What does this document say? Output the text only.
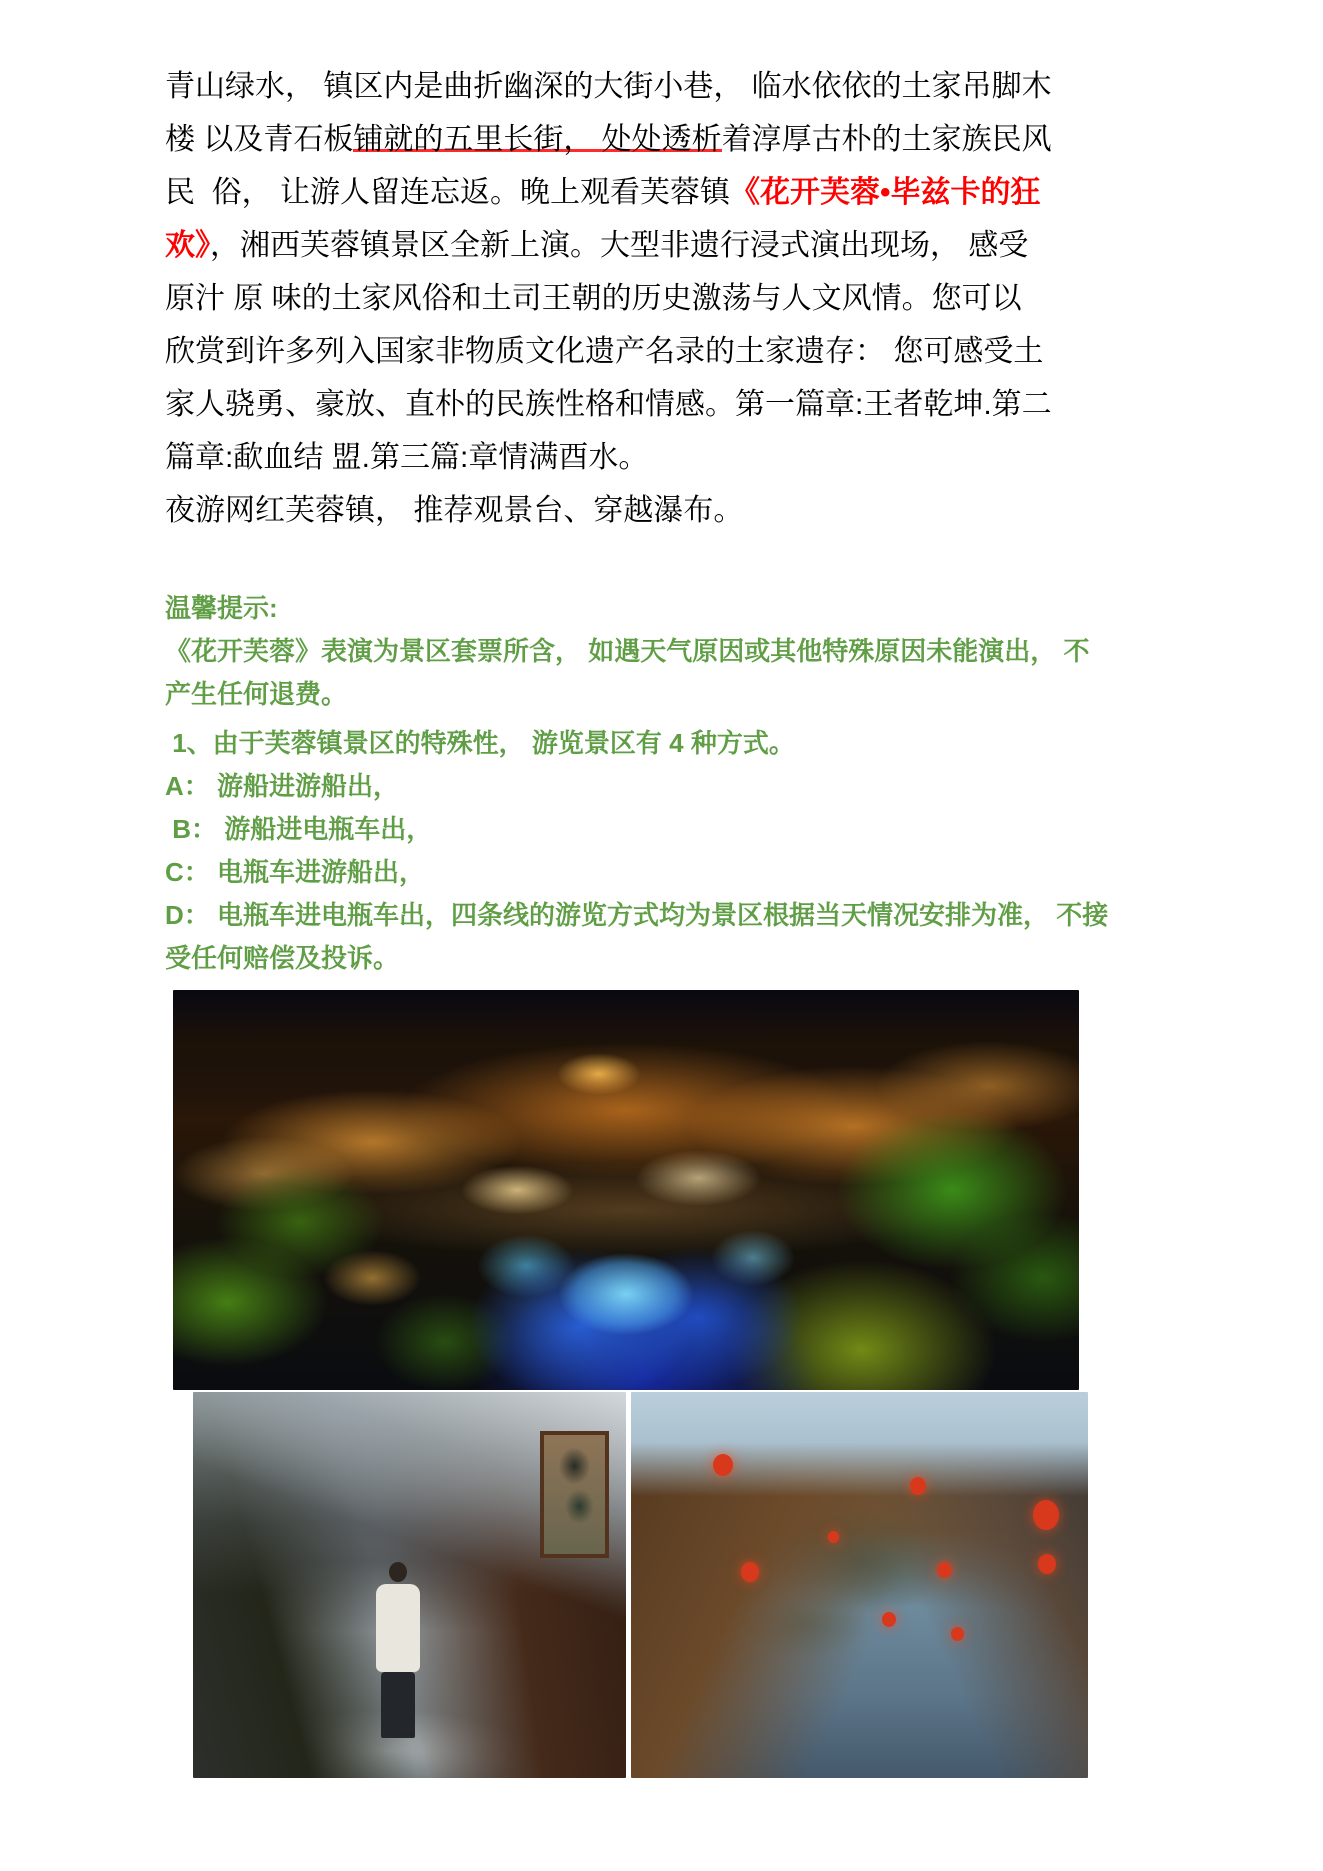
青山绿水， 镇区内是曲折幽深的大街小巷， 临水依依的土家吊脚木
楼 以及青石板铺就的五里长街， 处处透析着淳厚古朴的土家族民风
民  俗， 让游人留连忘返。晚上观看芙蓉镇《花开芙蓉•毕兹卡的狂
欢》，湘西芙蓉镇景区全新上演。大型非遗行浸式演出现场， 感受
原汁 原 味的土家风俗和土司王朝的历史激荡与人文风情。您可以
欣赏到许多列入国家非物质文化遗产名录的土家遗存： 您可感受土
家人骁勇、豪放、直朴的民族性格和情感。第一篇章:王者乾坤.第二
篇章:歃血结 盟.第三篇:章情满酉水。
夜游网红芙蓉镇， 推荐观景台、穿越瀑布。
温馨提示:
《花开芙蓉》表演为景区套票所含， 如遇天气原因或其他特殊原因未能演出， 不
产生任何退费。
1、由于芙蓉镇景区的特殊性， 游览景区有 4 种方式。
A： 游船进游船出，
B： 游船进电瓶车出，
C： 电瓶车进游船出，
D： 电瓶车进电瓶车出，四条线的游览方式均为景区根据当天情况安排为准， 不接
受任何赔偿及投诉。
